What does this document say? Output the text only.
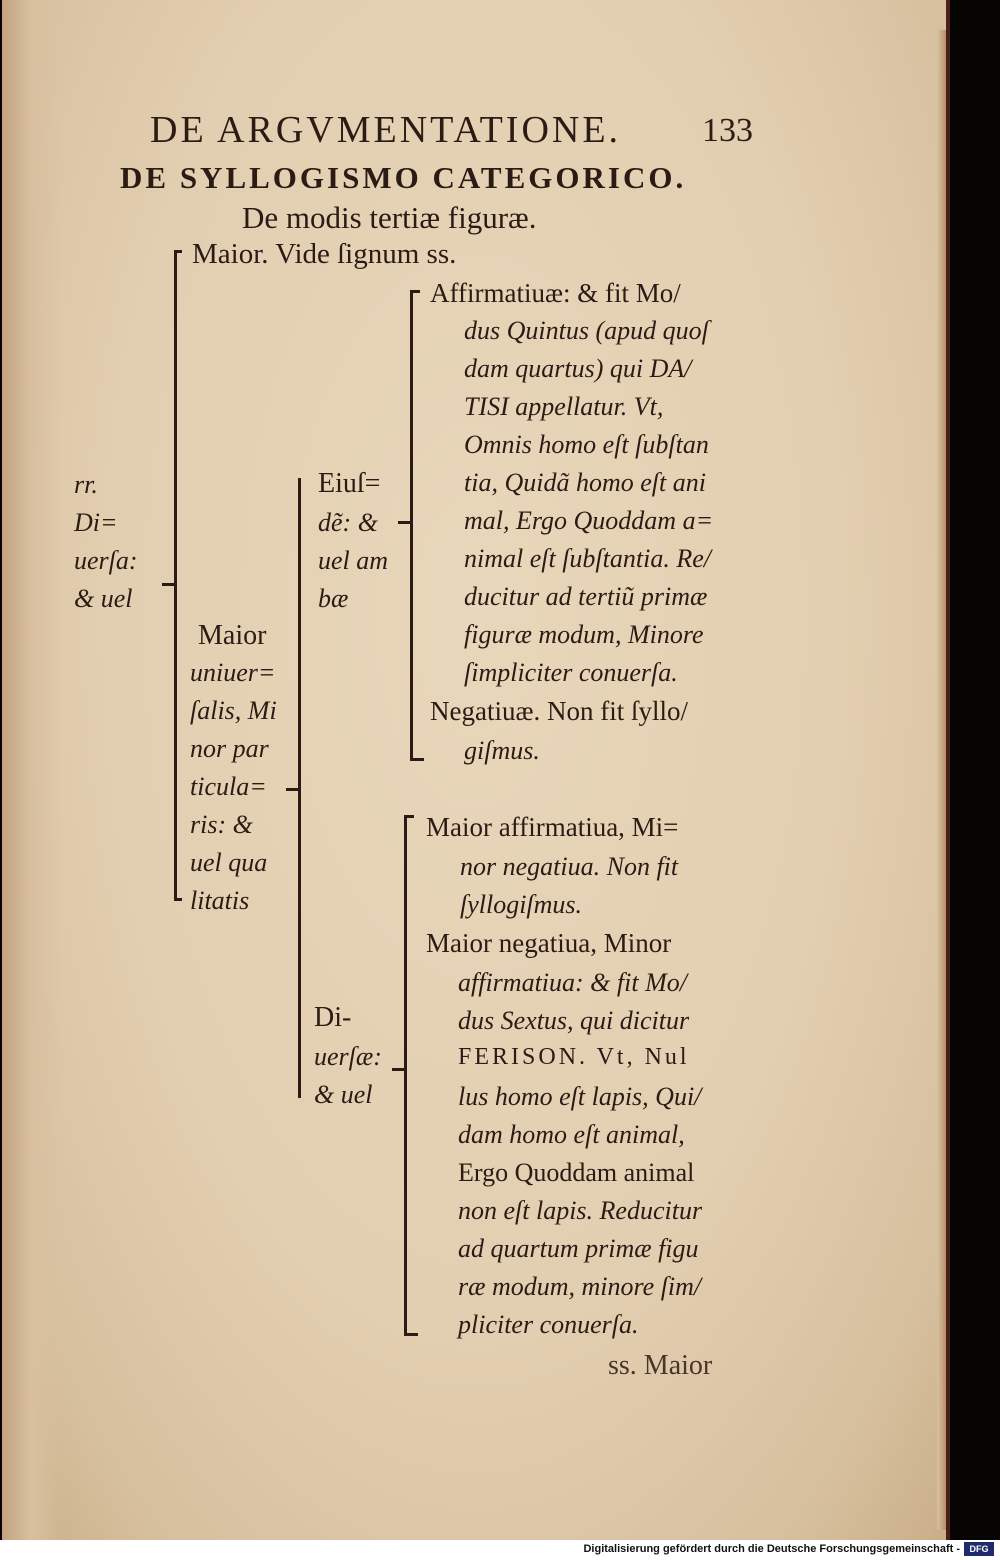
DE ARGVMENTATIONE. 133
DE SYLLOGISMO CATEGORICO.
De modis tertiæ figuræ.
rr.
Di=
uerſa:
& uel
Maior. Vide ſignum ss.
Maior
uniuer=
ſalis, Mi
nor par
ticula=
ris: &
uel qua
litatis
Eiuſ=
dẽ: &
uel am
bæ
Di-
uerſæ:
& uel
Affirmatiuæ: & fit Mo/
dus Quintus (apud quoſ
dam quartus) qui DA/
TISI appellatur. Vt,
Omnis homo eſt ſubſtan
tia, Quidã homo eſt ani
mal, Ergo Quoddam a=
nimal eſt ſubſtantia. Re/
ducitur ad tertiũ primæ
figuræ modum, Minore
ſimpliciter conuerſa.
Negatiuæ. Non fit ſyllo/
giſmus.
Maior affirmatiua, Mi=
nor negatiua. Non fit
ſyllogiſmus.
Maior negatiua, Minor
affirmatiua: & fit Mo/
dus Sextus, qui dicitur
FERISON. Vt, Nul
lus homo eſt lapis, Qui/
dam homo eſt animal,
Ergo Quoddam animal
non eſt lapis. Reducitur
ad quartum primæ figu
ræ modum, minore ſim/
pliciter conuerſa.
ss. Maior
Digitalisierung gefördert durch die Deutsche Forschungsgemeinschaft -	DFG
